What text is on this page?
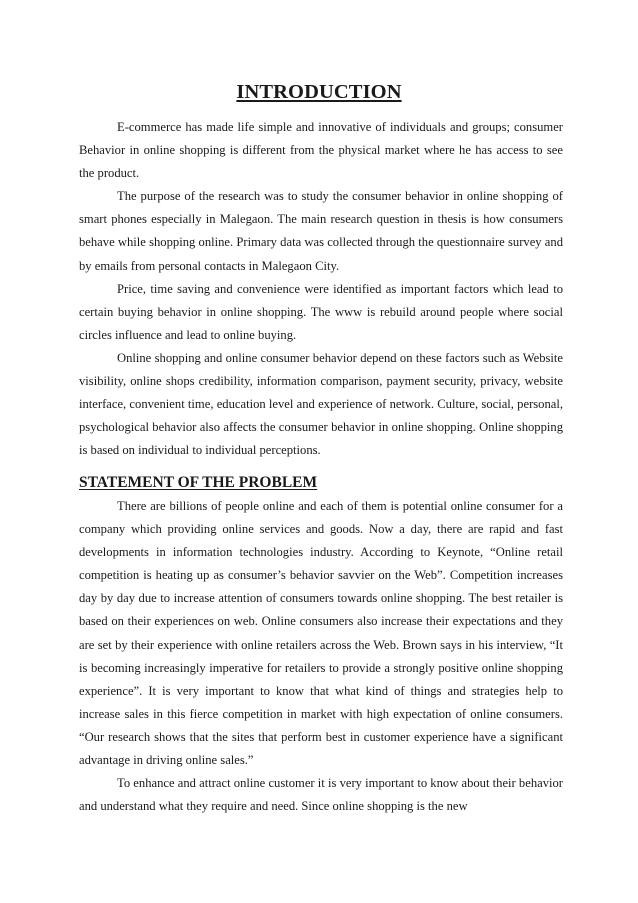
INTRODUCTION

E-commerce has made life simple and innovative of individuals and groups; consumer Behavior in online shopping is different from the physical market where he has access to see the product.

The purpose of the research was to study the consumer behavior in online shopping of smart phones especially in Malegaon. The main research question in thesis is how consumers behave while shopping online. Primary data was collected through the questionnaire survey and by emails from personal contacts in Malegaon City.

Price, time saving and convenience were identified as important factors which lead to certain buying behavior in online shopping. The www is rebuild around people where social circles influence and lead to online buying.

Online shopping and online consumer behavior depend on these factors such as Website visibility, online shops credibility, information comparison, payment security, privacy, website interface, convenient time, education level and experience of network. Culture, social, personal, psychological behavior also affects the consumer behavior in online shopping. Online shopping is based on individual to individual perceptions.

STATEMENT OF THE PROBLEM

There are billions of people online and each of them is potential online consumer for a company which providing online services and goods. Now a day, there are rapid and fast developments in information technologies industry. According to Keynote, “Online retail competition is heating up as consumer’s behavior savvier on the Web”. Competition increases day by day due to increase attention of consumers towards online shopping. The best retailer is based on their experiences on web. Online consumers also increase their expectations and they are set by their experience with online retailers across the Web. Brown says in his interview, “It is becoming increasingly imperative for retailers to provide a strongly positive online shopping experience”. It is very important to know that what kind of things and strategies help to increase sales in this fierce competition in market with high expectation of online consumers. “Our research shows that the sites that perform best in customer experience have a significant advantage in driving online sales.”

To enhance and attract online customer it is very important to know about their behavior and understand what they require and need. Since online shopping is the new
